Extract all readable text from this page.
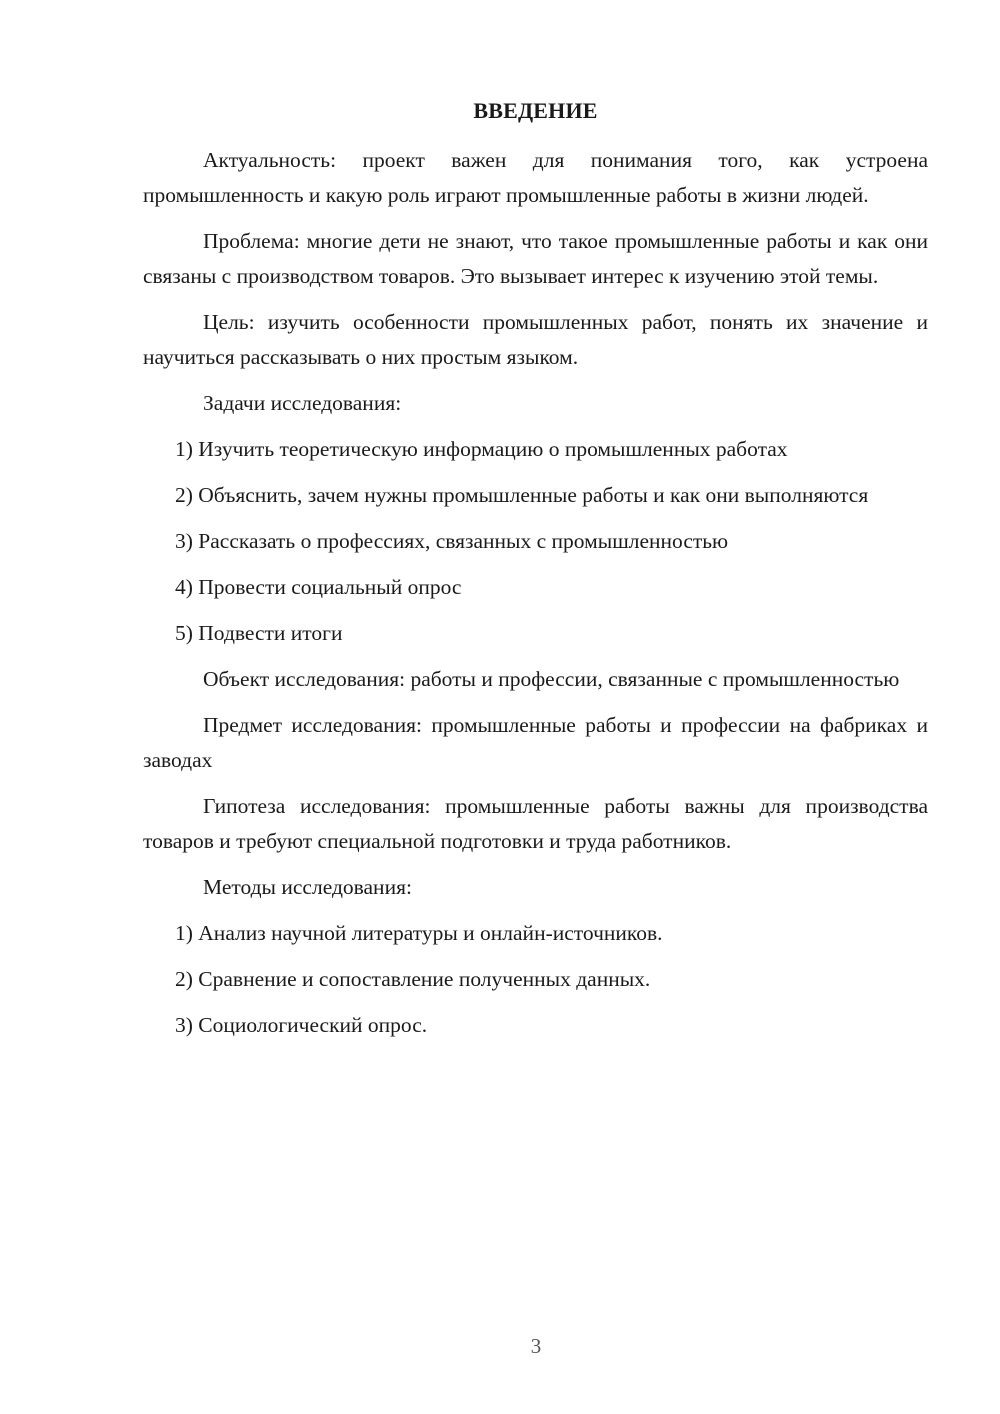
ВВЕДЕНИЕ

Актуальность: проект важен для понимания того, как устроена промышленность и какую роль играют промышленные работы в жизни людей.

Проблема: многие дети не знают, что такое промышленные работы и как они связаны с производством товаров. Это вызывает интерес к изучению этой темы.

Цель: изучить особенности промышленных работ, понять их значение и научиться рассказывать о них простым языком.

Задачи исследования:

1) Изучить теоретическую информацию о промышленных работах

2) Объяснить, зачем нужны промышленные работы и как они выполняются

3) Рассказать о профессиях, связанных с промышленностью

4) Провести социальный опрос

5) Подвести итоги

Объект исследования: работы и профессии, связанные с промышленностью

Предмет исследования: промышленные работы и профессии на фабриках и заводах

Гипотеза исследования: промышленные работы важны для производства товаров и требуют специальной подготовки и труда работников.

Методы исследования:

1) Анализ научной литературы и онлайн-источников.

2) Сравнение и сопоставление полученных данных.

3) Социологический опрос.

3
